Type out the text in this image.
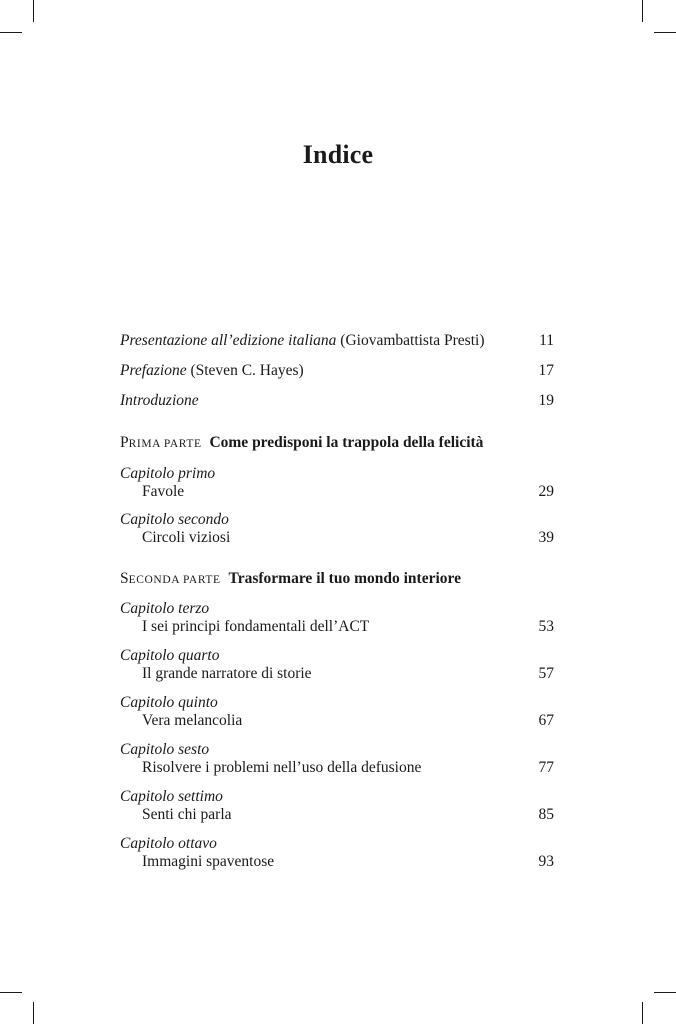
Indice
Presentazione all’edizione italiana (Giovambattista Presti)	11
Prefazione (Steven C. Hayes)	17
Introduzione	19
PRIMA PARTE Come predisponi la trappola della felicità
Capitolo primo
Favole	29
Capitolo secondo
Circoli viziosi	39
SECONDA PARTE Trasformare il tuo mondo interiore
Capitolo terzo
I sei principi fondamentali dell’ACT	53
Capitolo quarto
Il grande narratore di storie	57
Capitolo quinto
Vera melancolia	67
Capitolo sesto
Risolvere i problemi nell’uso della defusione	77
Capitolo settimo
Senti chi parla	85
Capitolo ottavo
Immagini spaventose	93
